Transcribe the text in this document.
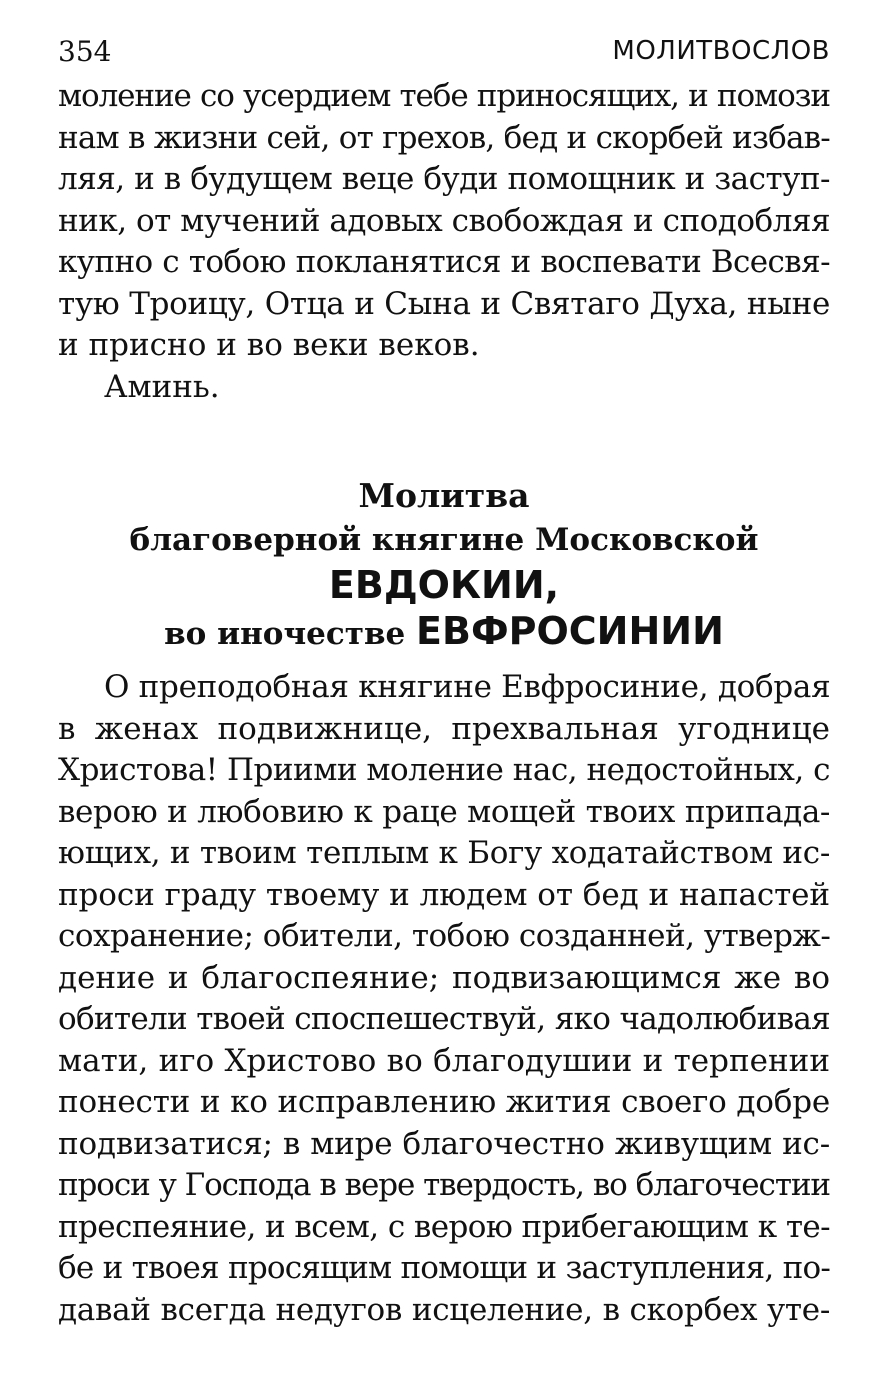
354	МОЛИТВОСЛОВ
моление со усердием тебе приносящих, и помози
нам в жизни сей, от грехов, бед и скорбей избав-
ляя, и в будущем веце буди помощник и заступ-
ник, от мучений адовых свобождая и сподобляя
купно с тобою покланятися и воспевати Всесвя-
тую Троицу, Отца и Сына и Святаго Духа, ныне
и присно и во веки веков.
Аминь.
Молитва
благоверной княгине Московской
ЕВДОКИИ,
во иночестве ЕВФРОСИНИИ
О преподобная княгине Евфросиние, добрая
в женах подвижнице, прехвальная угоднице
Христова! Приими моление нас, недостойных, с
верою и любовию к раце мощей твоих припада-
ющих, и твоим теплым к Богу ходатайством ис-
проси граду твоему и людем от бед и напастей
сохранение; обители, тобою созданней, утверж-
дение и благоспеяние; подвизающимся же во
обители твоей споспешествуй, яко чадолюбивая
мати, иго Христово во благодушии и терпении
понести и ко исправлению жития своего добре
подвизатися; в мире благочестно живущим ис-
проси у Господа в вере твердость, во благочестии
преспеяние, и всем, с верою прибегающим к те-
бе и твоея просящим помощи и заступления, по-
давай всегда недугов исцеление, в скорбех уте-
